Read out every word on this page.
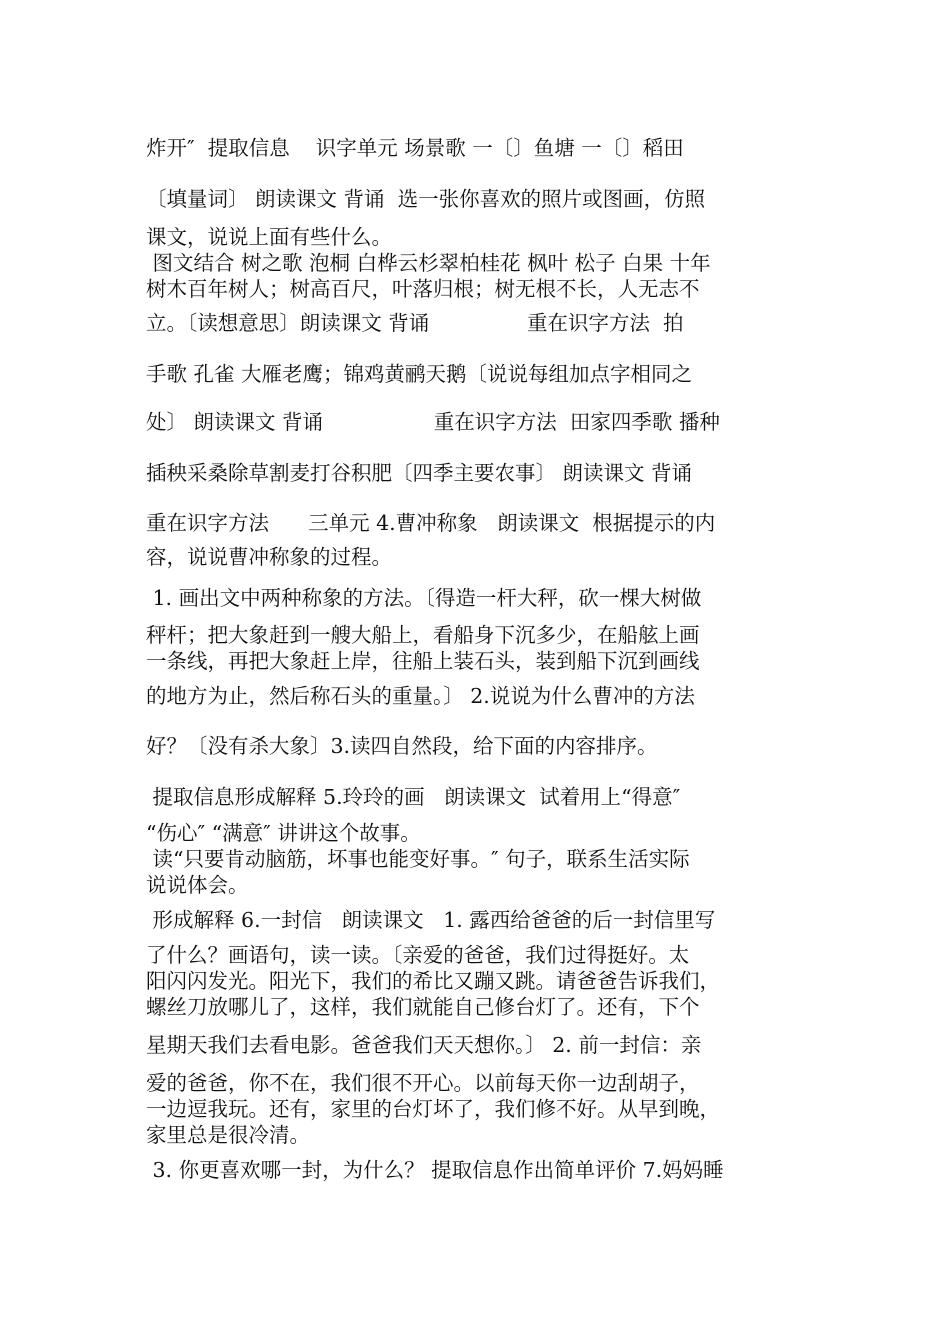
炸开″  提取信息    识字单元 场景歌 一〔〕鱼塘 一〔〕稻田
〔填量词〕 朗读课文 背诵  选一张你喜欢的照片或图画，仿照
课文，说说上面有些什么。
图文结合 树之歌 泡桐 白桦云杉翠柏桂花 枫叶 松子 白果 十年
树木百年树人；树高百尺，叶落归根；树无根不长，人无志不
立。〔读想意思〕朗读课文 背诵               重在识字方法  拍
手歌 孔雀 大雁老鹰；锦鸡黄鹂天鹅〔说说每组加点字相同之
处〕 朗读课文 背诵                 重在识字方法  田家四季歌 播种
插秧采桑除草割麦打谷积肥〔四季主要农事〕 朗读课文 背诵
重在识字方法      三单元 4.曹冲称象   朗读课文  根据提示的内
容，说说曹冲称象的过程。
1. 画出文中两种称象的方法。〔得造一杆大秤，砍一棵大树做
秤杆；把大象赶到一艘大船上，看船身下沉多少，在船舷上画
一条线，再把大象赶上岸，往船上装石头，装到船下沉到画线
的地方为止，然后称石头的重量。〕 2.说说为什么曹冲的方法
好？〔没有杀大象〕3.读四自然段，给下面的内容排序。
提取信息形成解释 5.玲玲的画   朗读课文  试着用上“得意″
“伤心″ “满意″ 讲讲这个故事。
读“只要肯动脑筋，坏事也能变好事。″ 句子，联系生活实际
说说体会。
形成解释 6.一封信   朗读课文   1. 露西给爸爸的后一封信里写
了什么？画语句，读一读。〔亲爱的爸爸，我们过得挺好。太
阳闪闪发光。阳光下，我们的希比又蹦又跳。请爸爸告诉我们，
螺丝刀放哪儿了，这样，我们就能自己修台灯了。还有，下个
星期天我们去看电影。爸爸我们天天想你。〕 2. 前一封信：亲
爱的爸爸，你不在，我们很不开心。以前每天你一边刮胡子，
一边逗我玩。还有，家里的台灯坏了，我们修不好。从早到晚，
家里总是很冷清。
3. 你更喜欢哪一封，为什么？ 提取信息作出简单评价 7.妈妈睡
